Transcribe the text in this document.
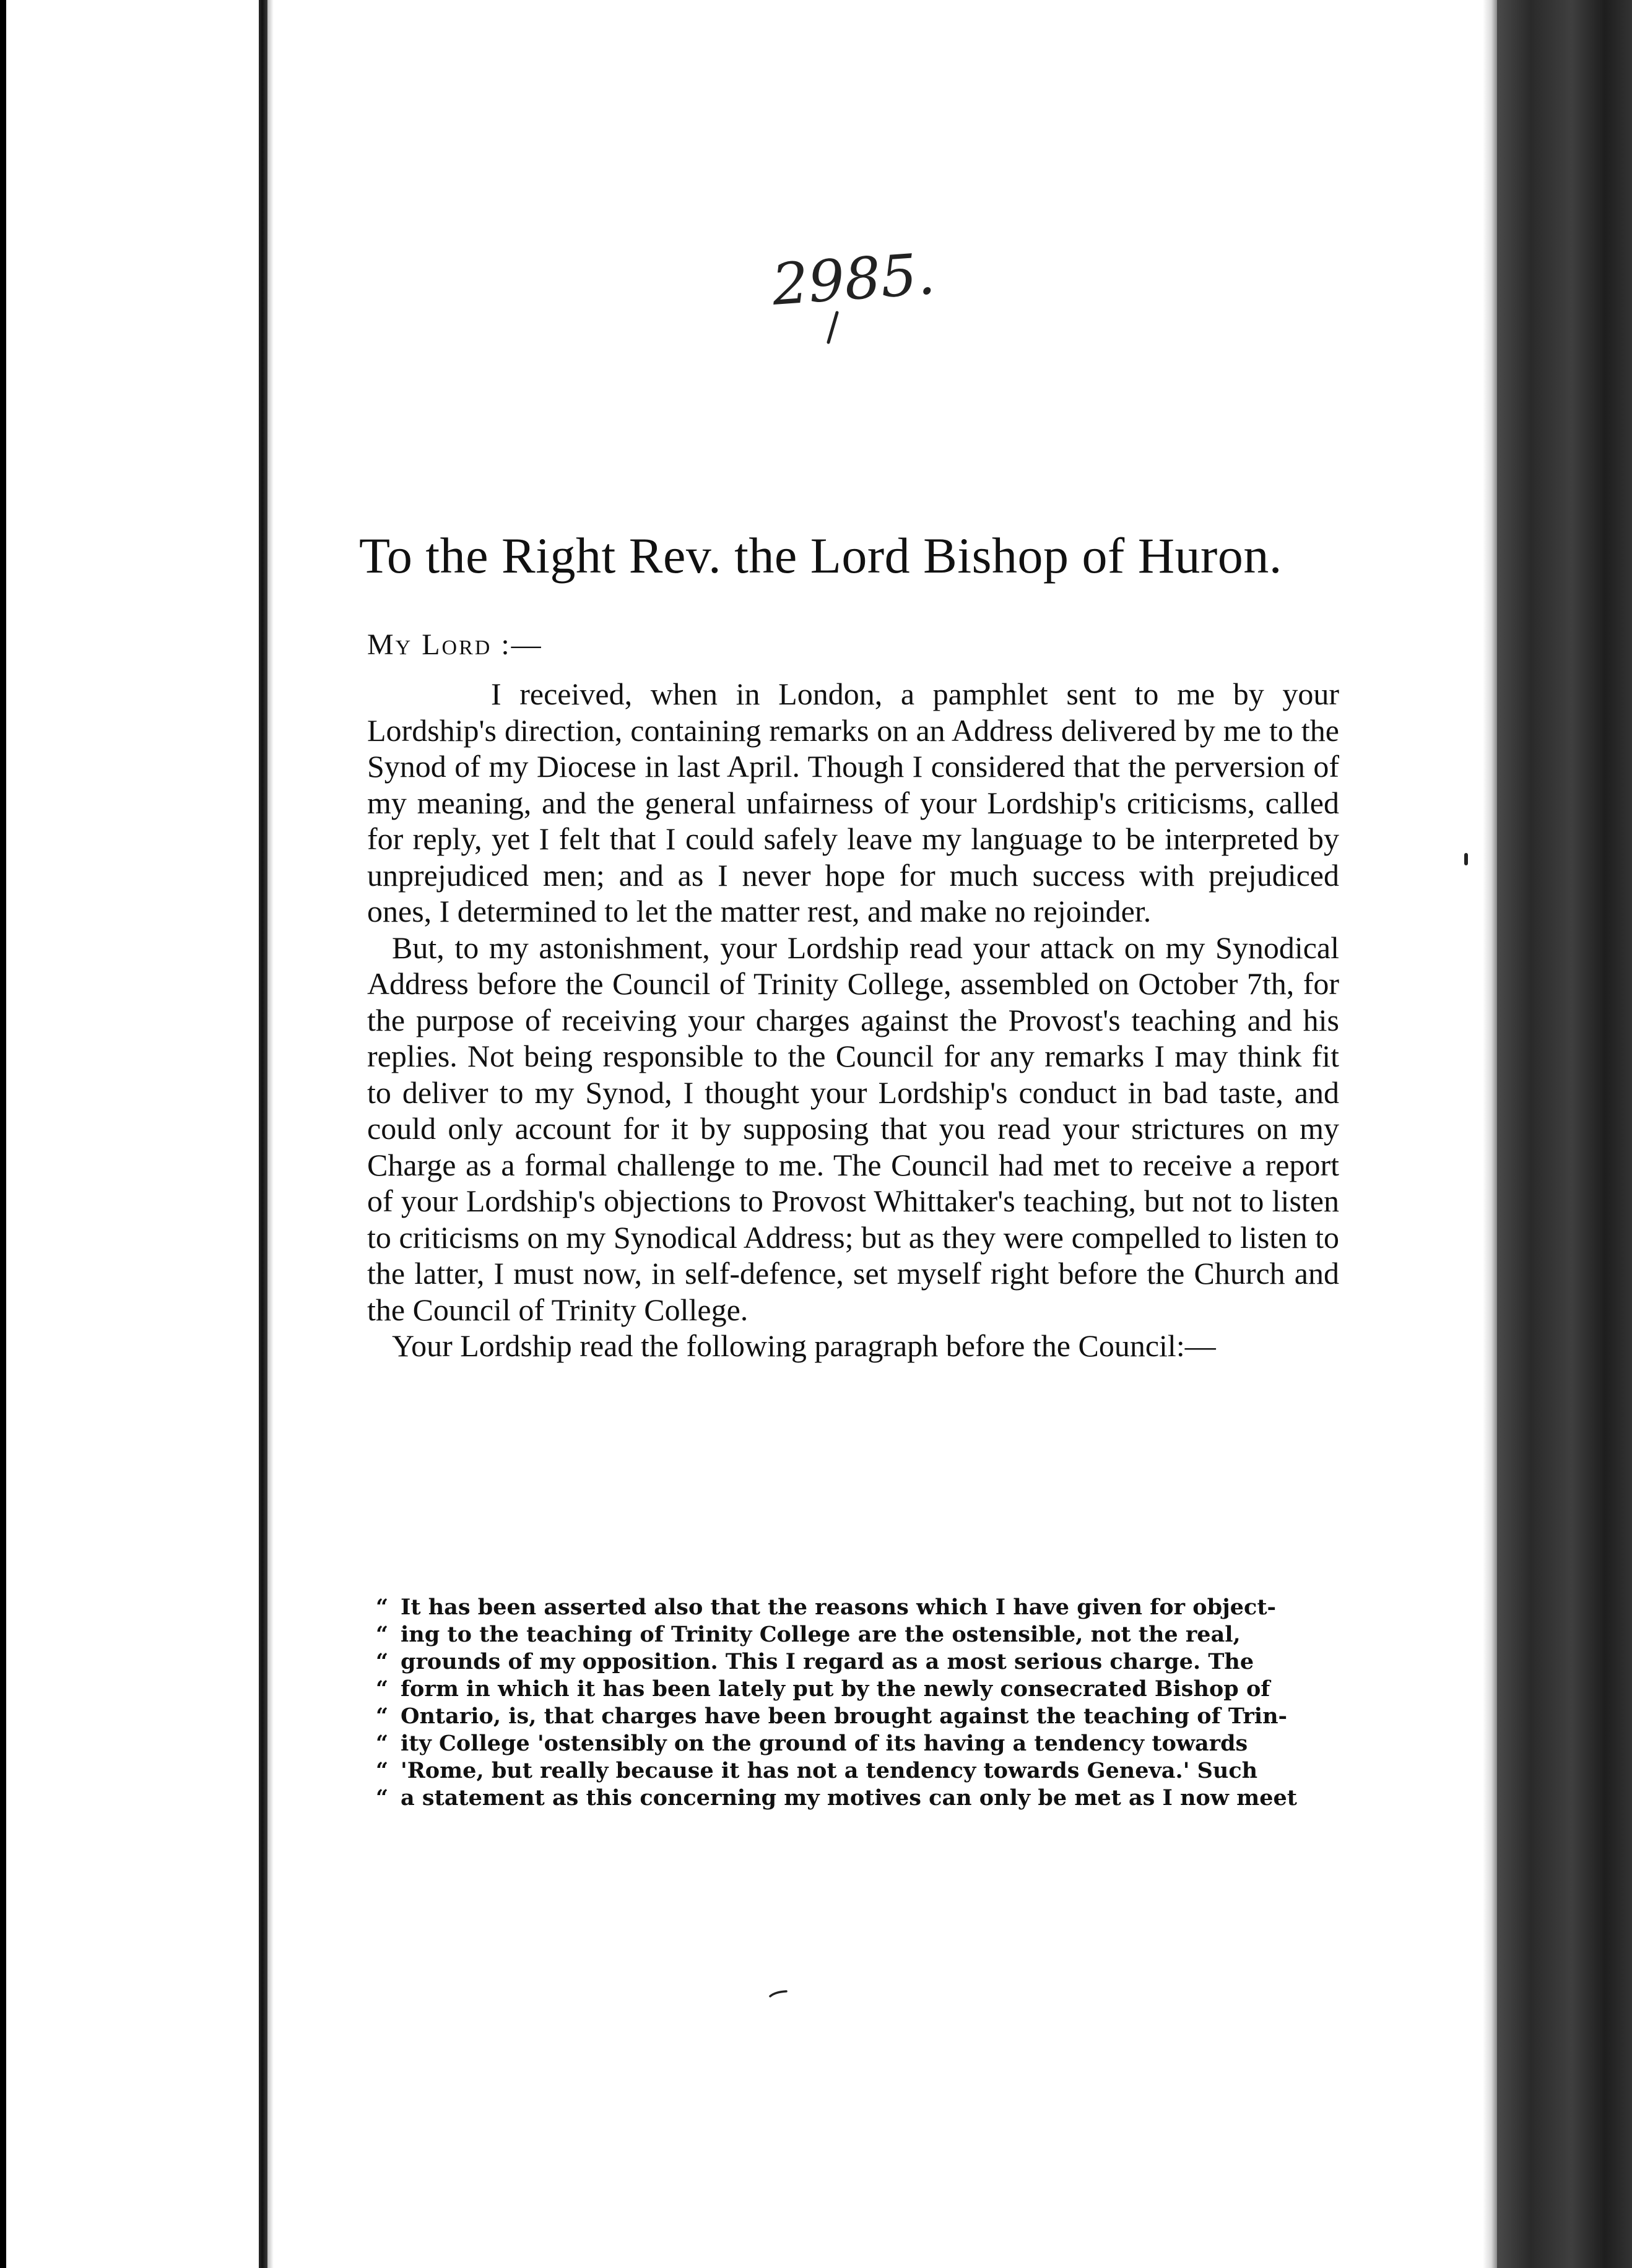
2985.
To the Right Rev. the Lord Bishop of Huron.

My Lord :—

I received, when in London, a pamphlet sent to me by your Lordship's direction, containing remarks on an Address delivered by me to the Synod of my Diocese in last April. Though I considered that the perversion of my meaning, and the general unfairness of your Lordship's criticisms, called for reply, yet I felt that I could safely leave my language to be interpreted by unprejudiced men; and as I never hope for much success with prejudiced ones, I determined to let the matter rest, and make no rejoinder.

But, to my astonishment, your Lordship read your attack on my Synodical Address before the Council of Trinity College, assembled on October 7th, for the purpose of receiving your charges against the Provost's teaching and his replies. Not being responsible to the Council for any remarks I may think fit to deliver to my Synod, I thought your Lordship's conduct in bad taste, and could only account for it by supposing that you read your strictures on my Charge as a formal challenge to me. The Council had met to receive a report of your Lordship's objections to Provost Whittaker's teaching, but not to listen to criticisms on my Synodical Address; but as they were compelled to listen to the latter, I must now, in self-defence, set myself right before the Church and the Council of Trinity College.

Your Lordship read the following paragraph before the Council:—

“ It has been asserted also that the reasons which I have given for object-
“ ing to the teaching of Trinity College are the ostensible, not the real,
“ grounds of my opposition. This I regard as a most serious charge. The
“ form in which it has been lately put by the newly consecrated Bishop of
“ Ontario, is, that charges have been brought against the teaching of Trin-
“ ity College 'ostensibly on the ground of its having a tendency towards
“ 'Rome, but really because it has not a tendency towards Geneva.' Such
“ a statement as this concerning my motives can only be met as I now meet
